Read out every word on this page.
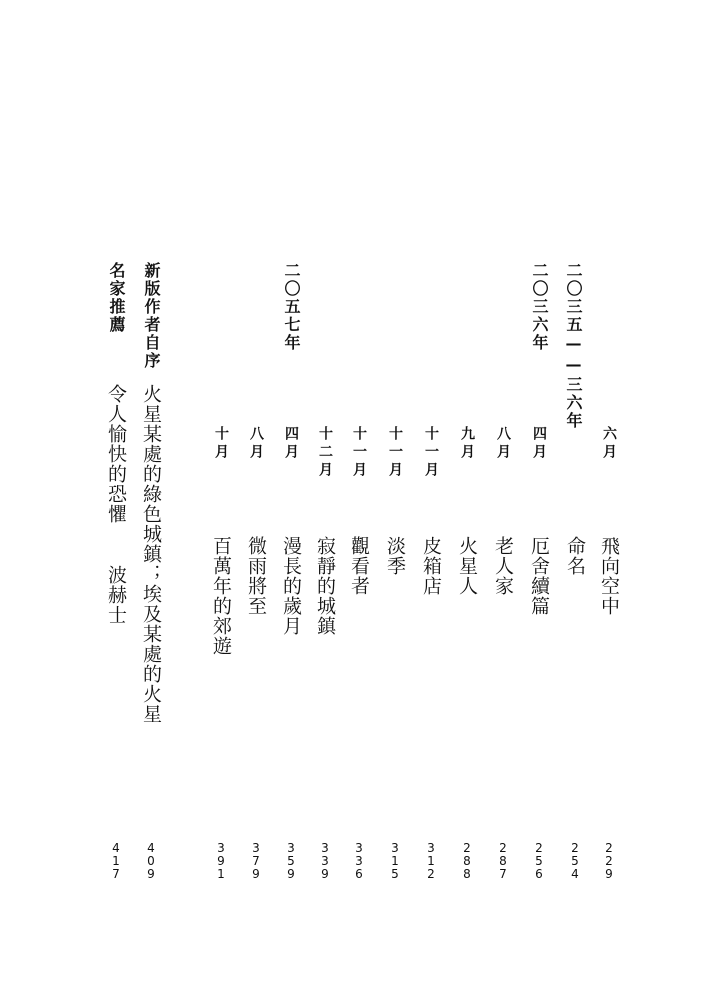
二〇三五——三六年
二〇三六年
二〇五七年
六月
飛向空中
2
2
9
命名
2
5
4
四月
厄舍續篇
2
5
6
八月
老人家
2
8
7
九月
火星人
2
8
8
十一月
皮箱店
3
1
2
十一月
淡季
3
1
5
十一月
觀看者
3
3
6
十二月
寂靜的城鎮
3
3
9
四月
漫長的歲月
3
5
9
八月
微雨將至
3
7
9
十月
百萬年的郊遊
3
9
1
新版作者自序
火星某處的綠色城鎮；埃及某處的火星
4
0
9
名家推薦
令人愉快的恐懼
波赫士
4
1
7
